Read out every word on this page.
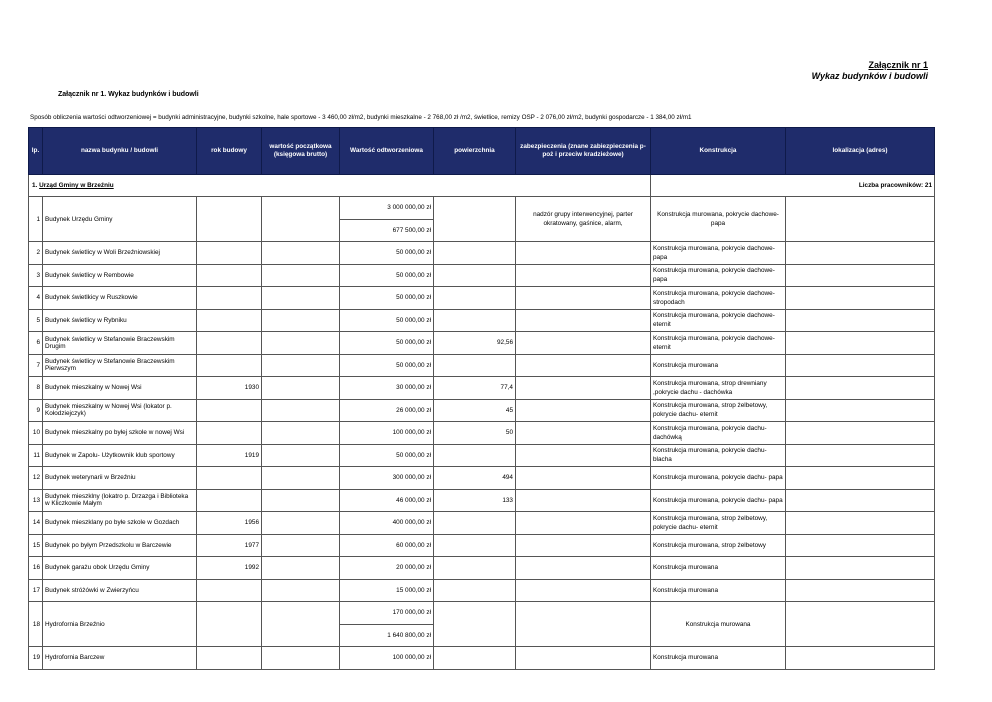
Załącznik nr 1
Wykaz budynków i budowli
Załącznik nr 1. Wykaz budynków i budowli
Sposób obliczenia wartości odtworzeniowej = budynki administracyjne, budynki szkolne, hale sportowe - 3 460,00 zł/m2, budynki mieszkalne - 2 768,00 zł /m2, świetlice, remizy OSP - 2 076,00 zł/m2, budynki gospodarcze - 1 384,00 zł/m1
lp.	nazwa budynku / budowli	rok budowy	wartość początkowa (księgowa brutto)	Wartość odtworzeniowa	powierzchnia	zabezpieczenia (znane zabiezpieczenia p-poż i przeciw kradzieżowe)	Konstrukcja	lokalizacja (adres)
1. Urząd Gminy w Brzeźniu							Liczba pracowników: 21	
1	Budynek Urzędu Gminy			3 000 000,00 zł		nadzór grupy interwencyjnej, parter okratowany, gaśnice, alarm,	Konstrukcja murowana, pokrycie dachowe- papa	
				677 500,00 zł				
2	Budynek świetlicy w Woli Brzeźniowskiej			50 000,00 zł			Konstrukcja murowana, pokrycie dachowe- papa	
3	Budynek świetlicy w Rembowie			50 000,00 zł			Konstrukcja murowana, pokrycie dachowe- papa	
4	Budynek świetlkicy w Ruszkowie			50 000,00 zł			Konstrukcja murowana, pokrycie dachowe- stropodach	
5	Budynek świetlicy w Rybniku			50 000,00 zł			Konstrukcja murowana, pokrycie dachowe- eternit	
6	Budynek świetlicy w Stefanowie Braczewskim Drugim			50 000,00 zł	92,56		Konstrukcja murowana, pokrycie dachowe- eternit	
7	Budynek świetlicy w Stefanowie Braczewskim Pierwszym			50 000,00 zł			Konstrukcja murowana	
8	Budynek mieszkalny w Nowej Wsi	1930		30 000,00 zł	77,4		Konstrukcja murowana, strop drewniany ,pokrycie dachu - dachówka	
9	Budynek mieszkalny w Nowej Wsi (lokator p. Kołodziejczyk)			26 000,00 zł	45		Konstrukcja murowana, strop żelbetowy, pokrycie dachu- eternit	
10	Budynek mieszkalny po byłej szkole w nowej Wsi			100 000,00 zł	50		Konstrukcja murowana, pokrycie dachu- dachówką	
11	Budynek w Zapolu- Użytkownik klub sportowy	1919		50 000,00 zł			Konstrukcja murowana, pokrycie dachu- blacha	
12	Budynek weterynarii w Brzeźniu			300 000,00 zł	494		Konstrukcja murowana, pokrycie dachu- papa	
13	Budynek mieszklny (lokatro p. Drzazga i Biblioteka w Kliczkowie Małym			46 000,00 zł	133		Konstrukcja murowana, pokrycie dachu- papa	
14	Budynek mieszklany po byłe szkole w Gozdach	1956		400 000,00 zł			Konstrukcja murowana, strop żelbetowy, pokrycie dachu- eternit	
15	Budynek po byłym Przedszkolu w Barczewie	1977		60 000,00 zł			Konstrukcja murowana, strop żelbetowy	
16	Budynek garażu obok Urzędu Gminy	1992		20 000,00 zł			Konstrukcja murowana	
17	Budynek stróżówki w Zwierzyńcu			15 000,00 zł			Konstrukcja murowana	
18	Hydrofornia Brzeźnio			170 000,00 zł			Konstrukcja murowana	
				1 640 800,00 zł				
19	Hydrofornia Barczew			100 000,00 zł			Konstrukcja murowana	
